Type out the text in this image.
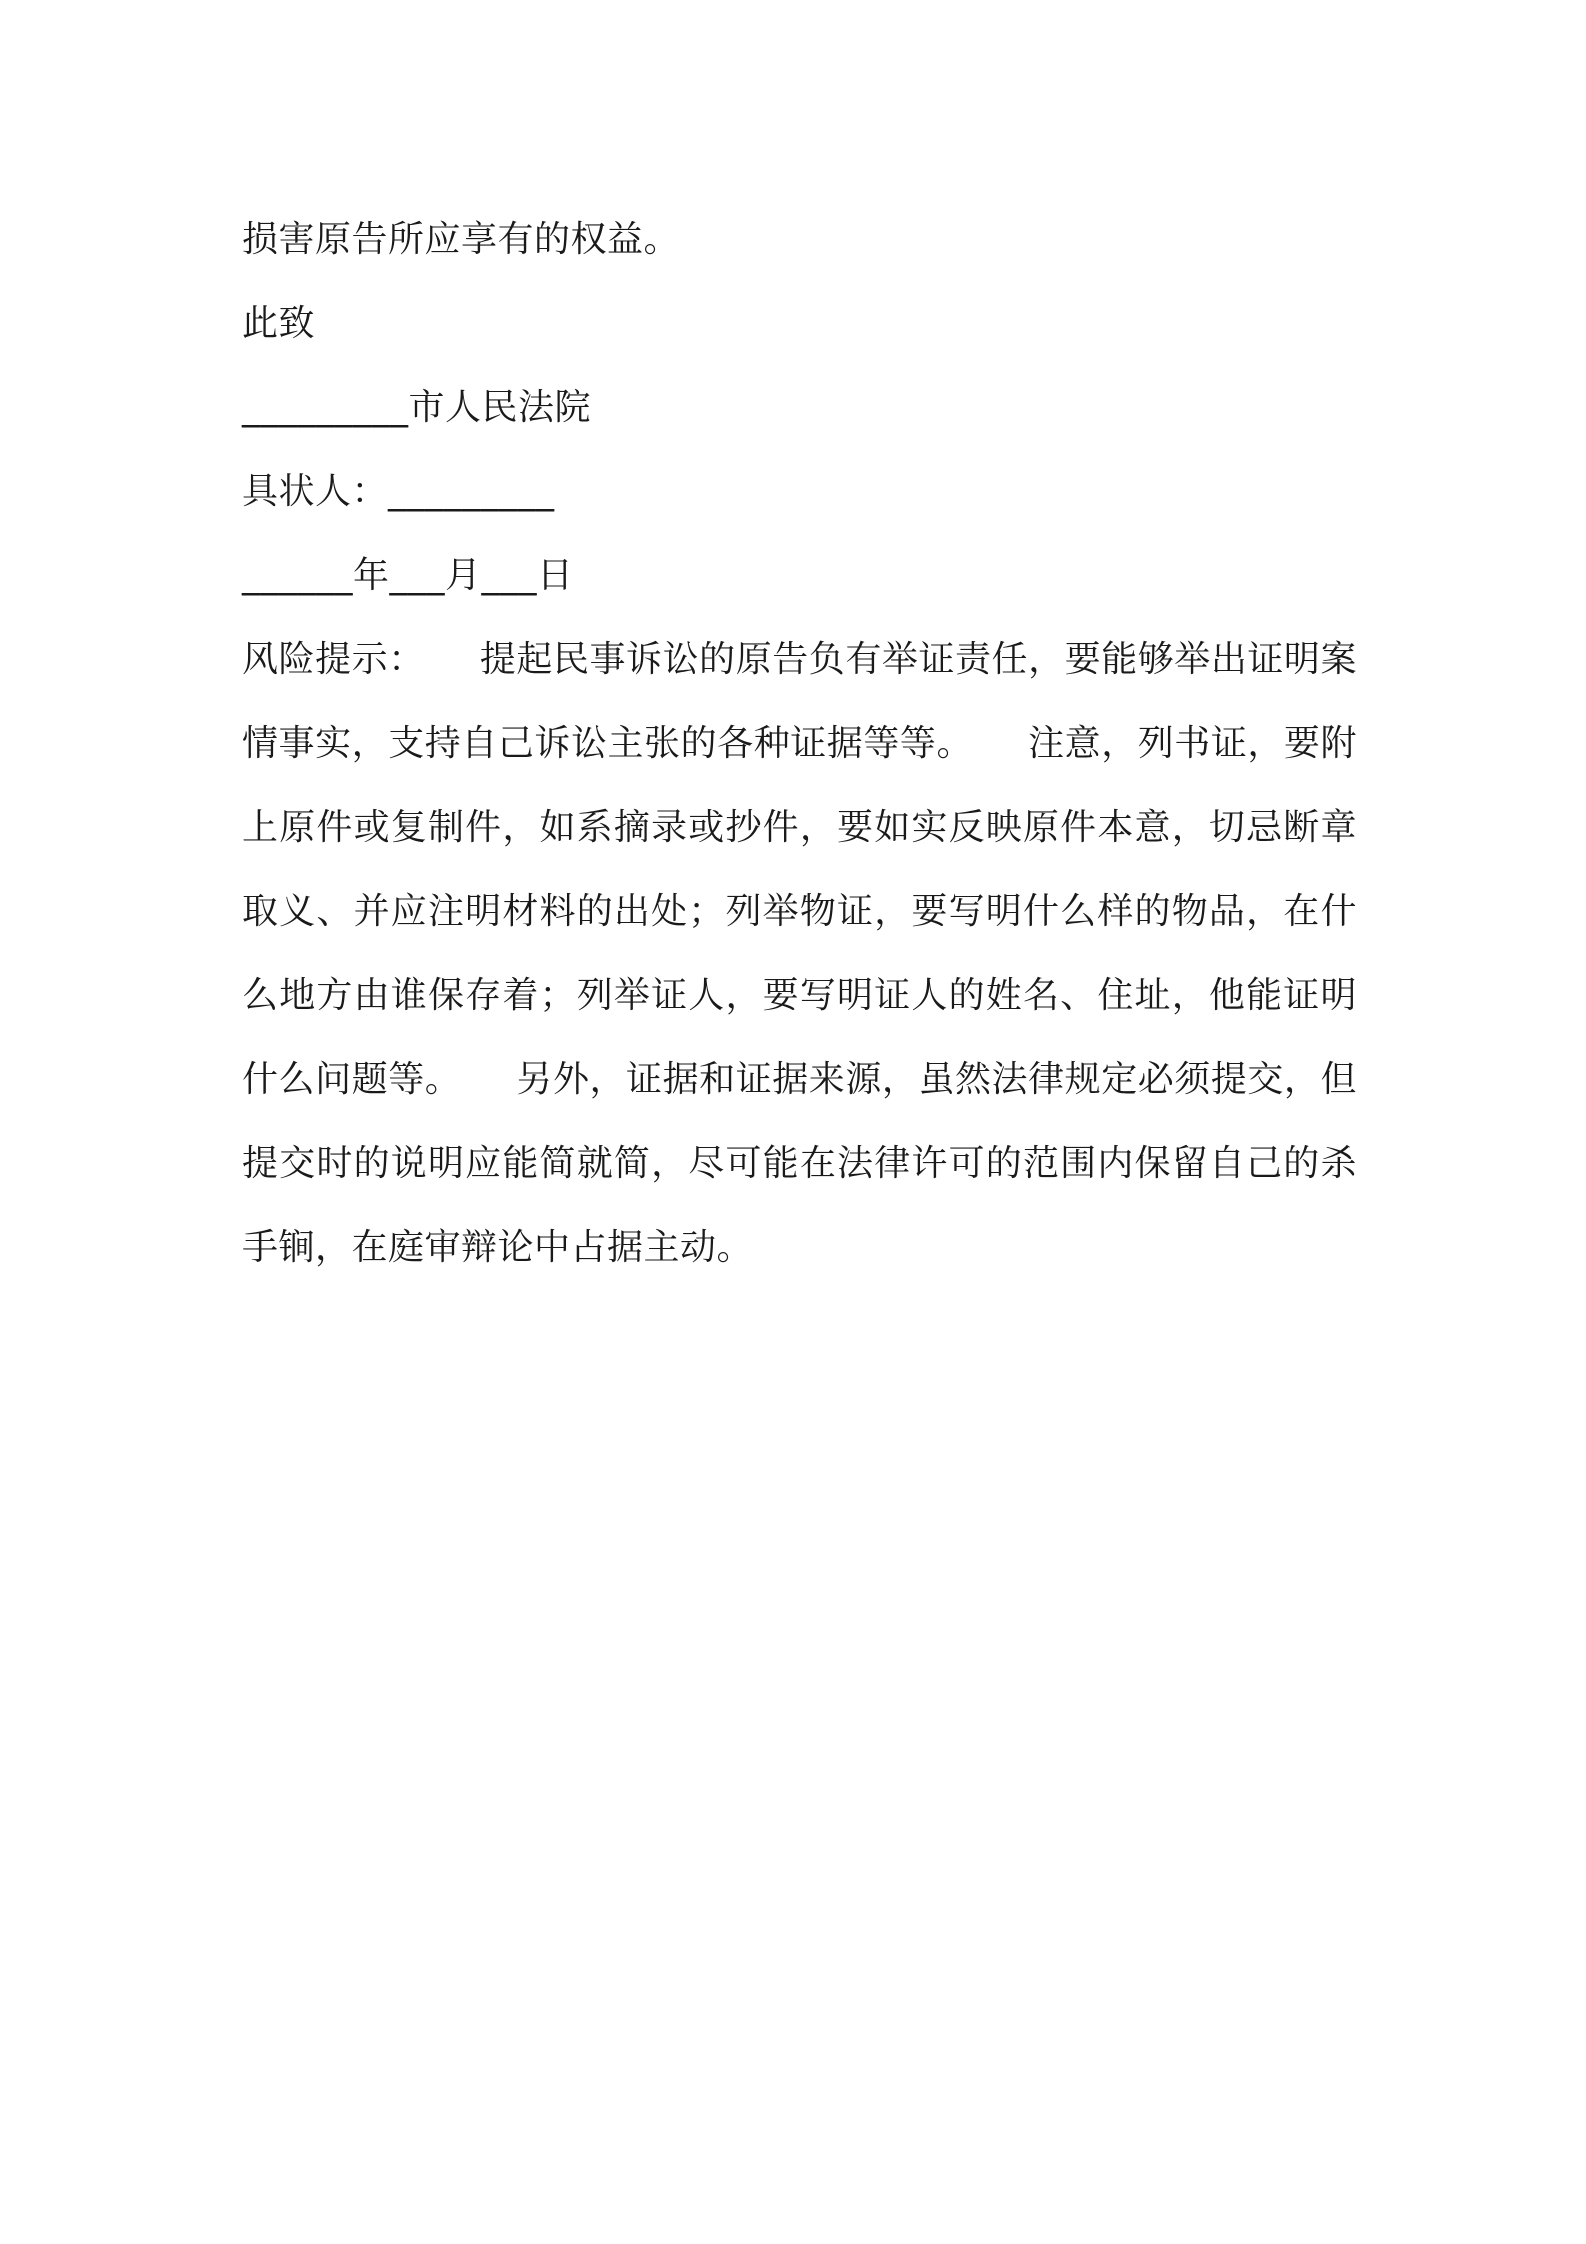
损害原告所应享有的权益。
此致
_________市人民法院
具状人：_________
______年___月___日
风险提示：　　提起民事诉讼的原告负有举证责任，要能够举出证明案情事实，支持自己诉讼主张的各种证据等等。　　注意，列书证，要附上原件或复制件，如系摘录或抄件，要如实反映原件本意，切忌断章取义、并应注明材料的出处；列举物证，要写明什么样的物品，在什么地方由谁保存着；列举证人，要写明证人的姓名、住址，他能证明什么问题等。　　另外，证据和证据来源，虽然法律规定必须提交，但提交时的说明应能简就简，尽可能在法律许可的范围内保留自己的杀手锏，在庭审辩论中占据主动。
